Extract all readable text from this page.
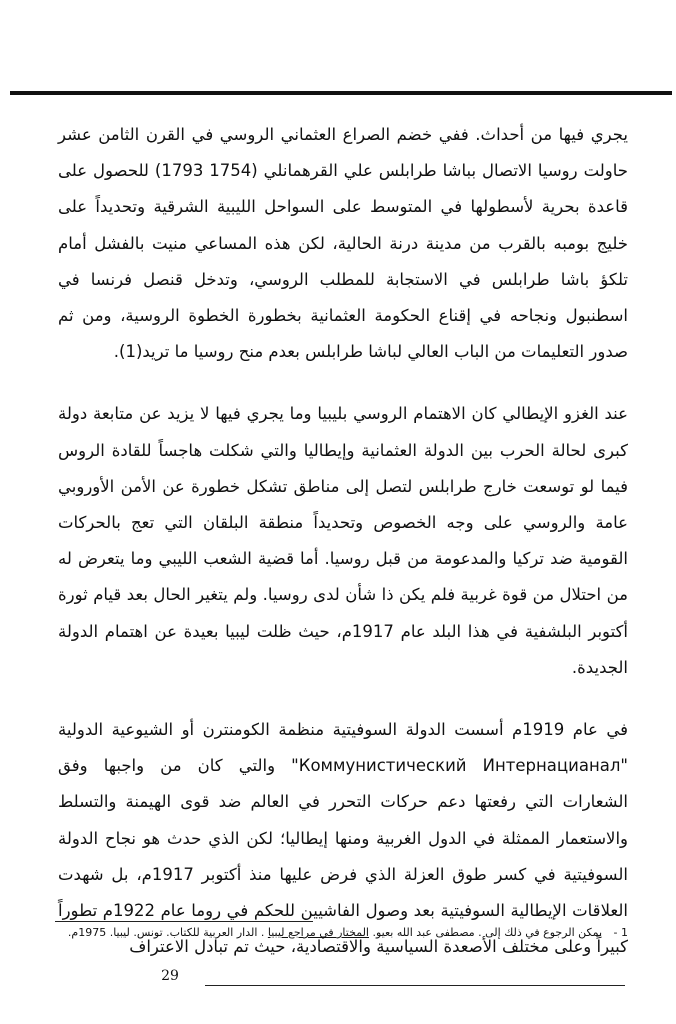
يجري فيها من أحداث. ففي خضم الصراع العثماني الروسي في القرن الثامن عشر حاولت روسيا الاتصال بباشا طرابلس علي القرهمانلي (1754 1793) للحصول على قاعدة بحرية لأسطولها في المتوسط على السواحل الليبية الشرقية وتحديداً على خليج بومبه بالقرب من مدينة درنة الحالية، لكن هذه المساعي منيت بالفشل أمام تلكؤ باشا طرابلس في الاستجابة للمطلب الروسي، وتدخل قنصل فرنسا في اسطنبول ونجاحه في إقناع الحكومة العثمانية بخطورة الخطوة الروسية، ومن ثم صدور التعليمات من الباب العالي لباشا طرابلس بعدم منح روسيا ما تريد(1).

عند الغزو الإيطالي كان الاهتمام الروسي بليبيا وما يجري فيها لا يزيد عن متابعة دولة كبرى لحالة الحرب بين الدولة العثمانية وإيطاليا والتي شكلت هاجساً للقادة الروس فيما لو توسعت خارج طرابلس لتصل إلى مناطق تشكل خطورة عن الأمن الأوروبي عامة والروسي على وجه الخصوص وتحديداً منطقة البلقان التي تعج بالحركات القومية ضد تركيا والمدعومة من قبل روسيا. أما قضية الشعب الليبي وما يتعرض له من احتلال من قوة غربية فلم يكن ذا شأن لدى روسيا. ولم يتغير الحال بعد قيام ثورة أكتوبر البلشفية في هذا البلد عام 1917م، حيث ظلت ليبيا بعيدة عن اهتمام الدولة الجديدة.

في عام 1919م أسست الدولة السوفيتية منظمة الكومنترن أو الشيوعية الدولية "Коммунистический Интернацианал" والتي كان من واجبها وفق الشعارات التي رفعتها دعم حركات التحرر في العالم ضد قوى الهيمنة والتسلط والاستعمار الممثلة في الدول الغربية ومنها إيطاليا؛ لكن الذي حدث هو نجاح الدولة السوفيتية في كسر طوق العزلة الذي فرض عليها منذ أكتوبر 1917م، بل شهدت العلاقات الإيطالية السوفيتية بعد وصول الفاشيين للحكم في روما عام 1922م تطوراً كبيراً وعلى مختلف الأصعدة السياسية والاقتصادية، حيث تم تبادل الاعتراف

1 - يمكن الرجوع في ذلك إلى . مصطفى عبد الله بعيو. المختار في مراجع ليبيا . الدار العربية للكتاب. تونس. ليبيا. 1975م.
29
